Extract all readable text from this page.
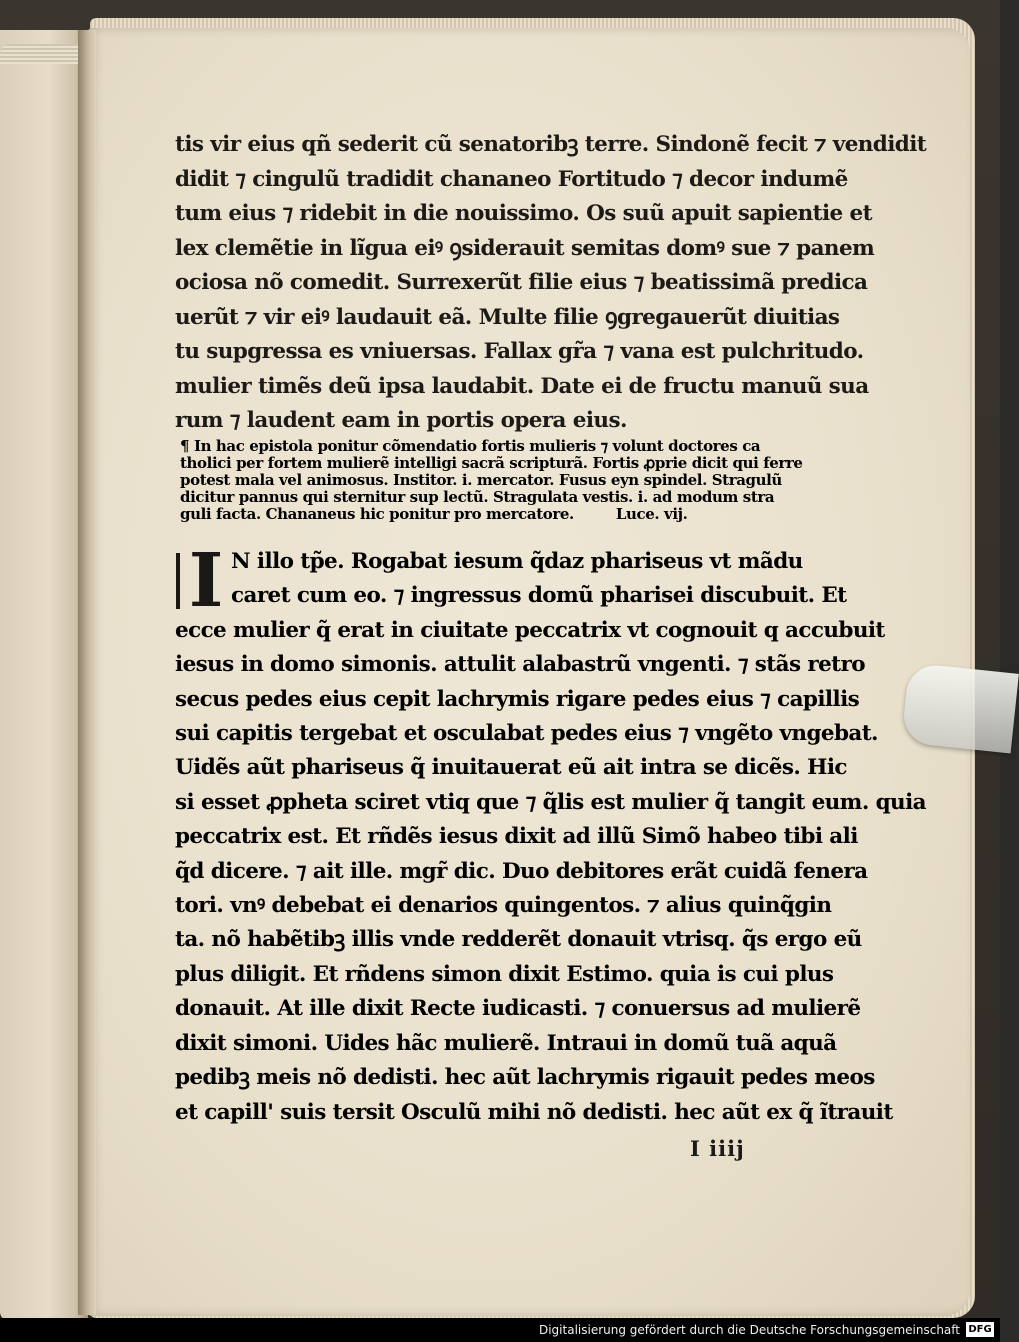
tis vir eius qñ sederit cũ senatoribꝫ terre. Sindonẽ fecit ⁊ vendidit
didit ⁊ cingulũ tradidit chananeo Fortitudo ⁊ decor indumẽ
tum eius ⁊ ridebit in die nouissimo. Os suũ apuit sapientie et
lex clemẽtie in lĩgua eiꝰ ꝯsiderauit semitas domꝰ sue ⁊ panem
ociosa nõ comedit. Surrexerũt filie eius ⁊ beatissimã predica
uerũt ⁊ vir eiꝰ laudauit eã. Multe filie ꝯgregauerũt diuitias
tu supgressa es vniuersas. Fallax gr̃a ⁊ vana est pulchritudo.
mulier timẽs deũ ipsa laudabit. Date ei de fructu manuũ sua
rum ⁊ laudent eam in portis opera eius.
¶ In hac epistola ponitur cõmendatio fortis mulieris ⁊ volunt doctores ca
tholici per fortem mulierẽ intelligi sacrã scripturã. Fortis ꝓprie dicit qui ferre
potest mala vel animosus. Institor. i. mercator. Fusus eyn spindel. Stragulũ
dicitur pannus qui sternitur sup lectũ. Stragulata vestis. i. ad modum stra
guli facta. Chananeus hic ponitur pro mercatore.	Luce. vij.
I N illo tp̃e. Rogabat iesum q̃daz phariseus vt mãdu
caret cum eo. ⁊ ingressus domũ pharisei discubuit. Et
ecce mulier q̃ erat in ciuitate peccatrix vt cognouit q accubuit
iesus in domo simonis. attulit alabastrũ vngenti. ⁊ stãs retro
secus pedes eius cepit lachrymis rigare pedes eius ⁊ capillis
sui capitis tergebat et osculabat pedes eius ⁊ vngẽto vngebat.
Uidẽs aũt phariseus q̃ inuitauerat eũ ait intra se dicẽs. Hic
si esset ꝓpheta sciret vtiq que ⁊ q̃lis est mulier q̃ tangit eum. quia
peccatrix est. Et rñdẽs iesus dixit ad illũ Simõ habeo tibi ali
q̃d dicere. ⁊ ait ille. mgr̃ dic. Duo debitores erãt cuidã fenera
tori. vnꝰ debebat ei denarios quingentos. ⁊ alius quinq̃gin
ta. nõ habẽtibꝫ illis vnde redderẽt donauit vtrisq. q̃s ergo eũ
plus diligit. Et rñdens simon dixit Estimo. quia is cui plus
donauit. At ille dixit Recte iudicasti. ⁊ conuersus ad mulierẽ
dixit simoni. Uides hãc mulierẽ. Intraui in domũ tuã aquã
pedibꝫ meis nõ dedisti. hec aũt lachrymis rigauit pedes meos
et capill' suis tersit Osculũ mihi nõ dedisti. hec aũt ex q̃ ĩtrauit
I iiij
Digitalisierung gefördert durch die Deutsche Forschungsgemeinschaft DFG
